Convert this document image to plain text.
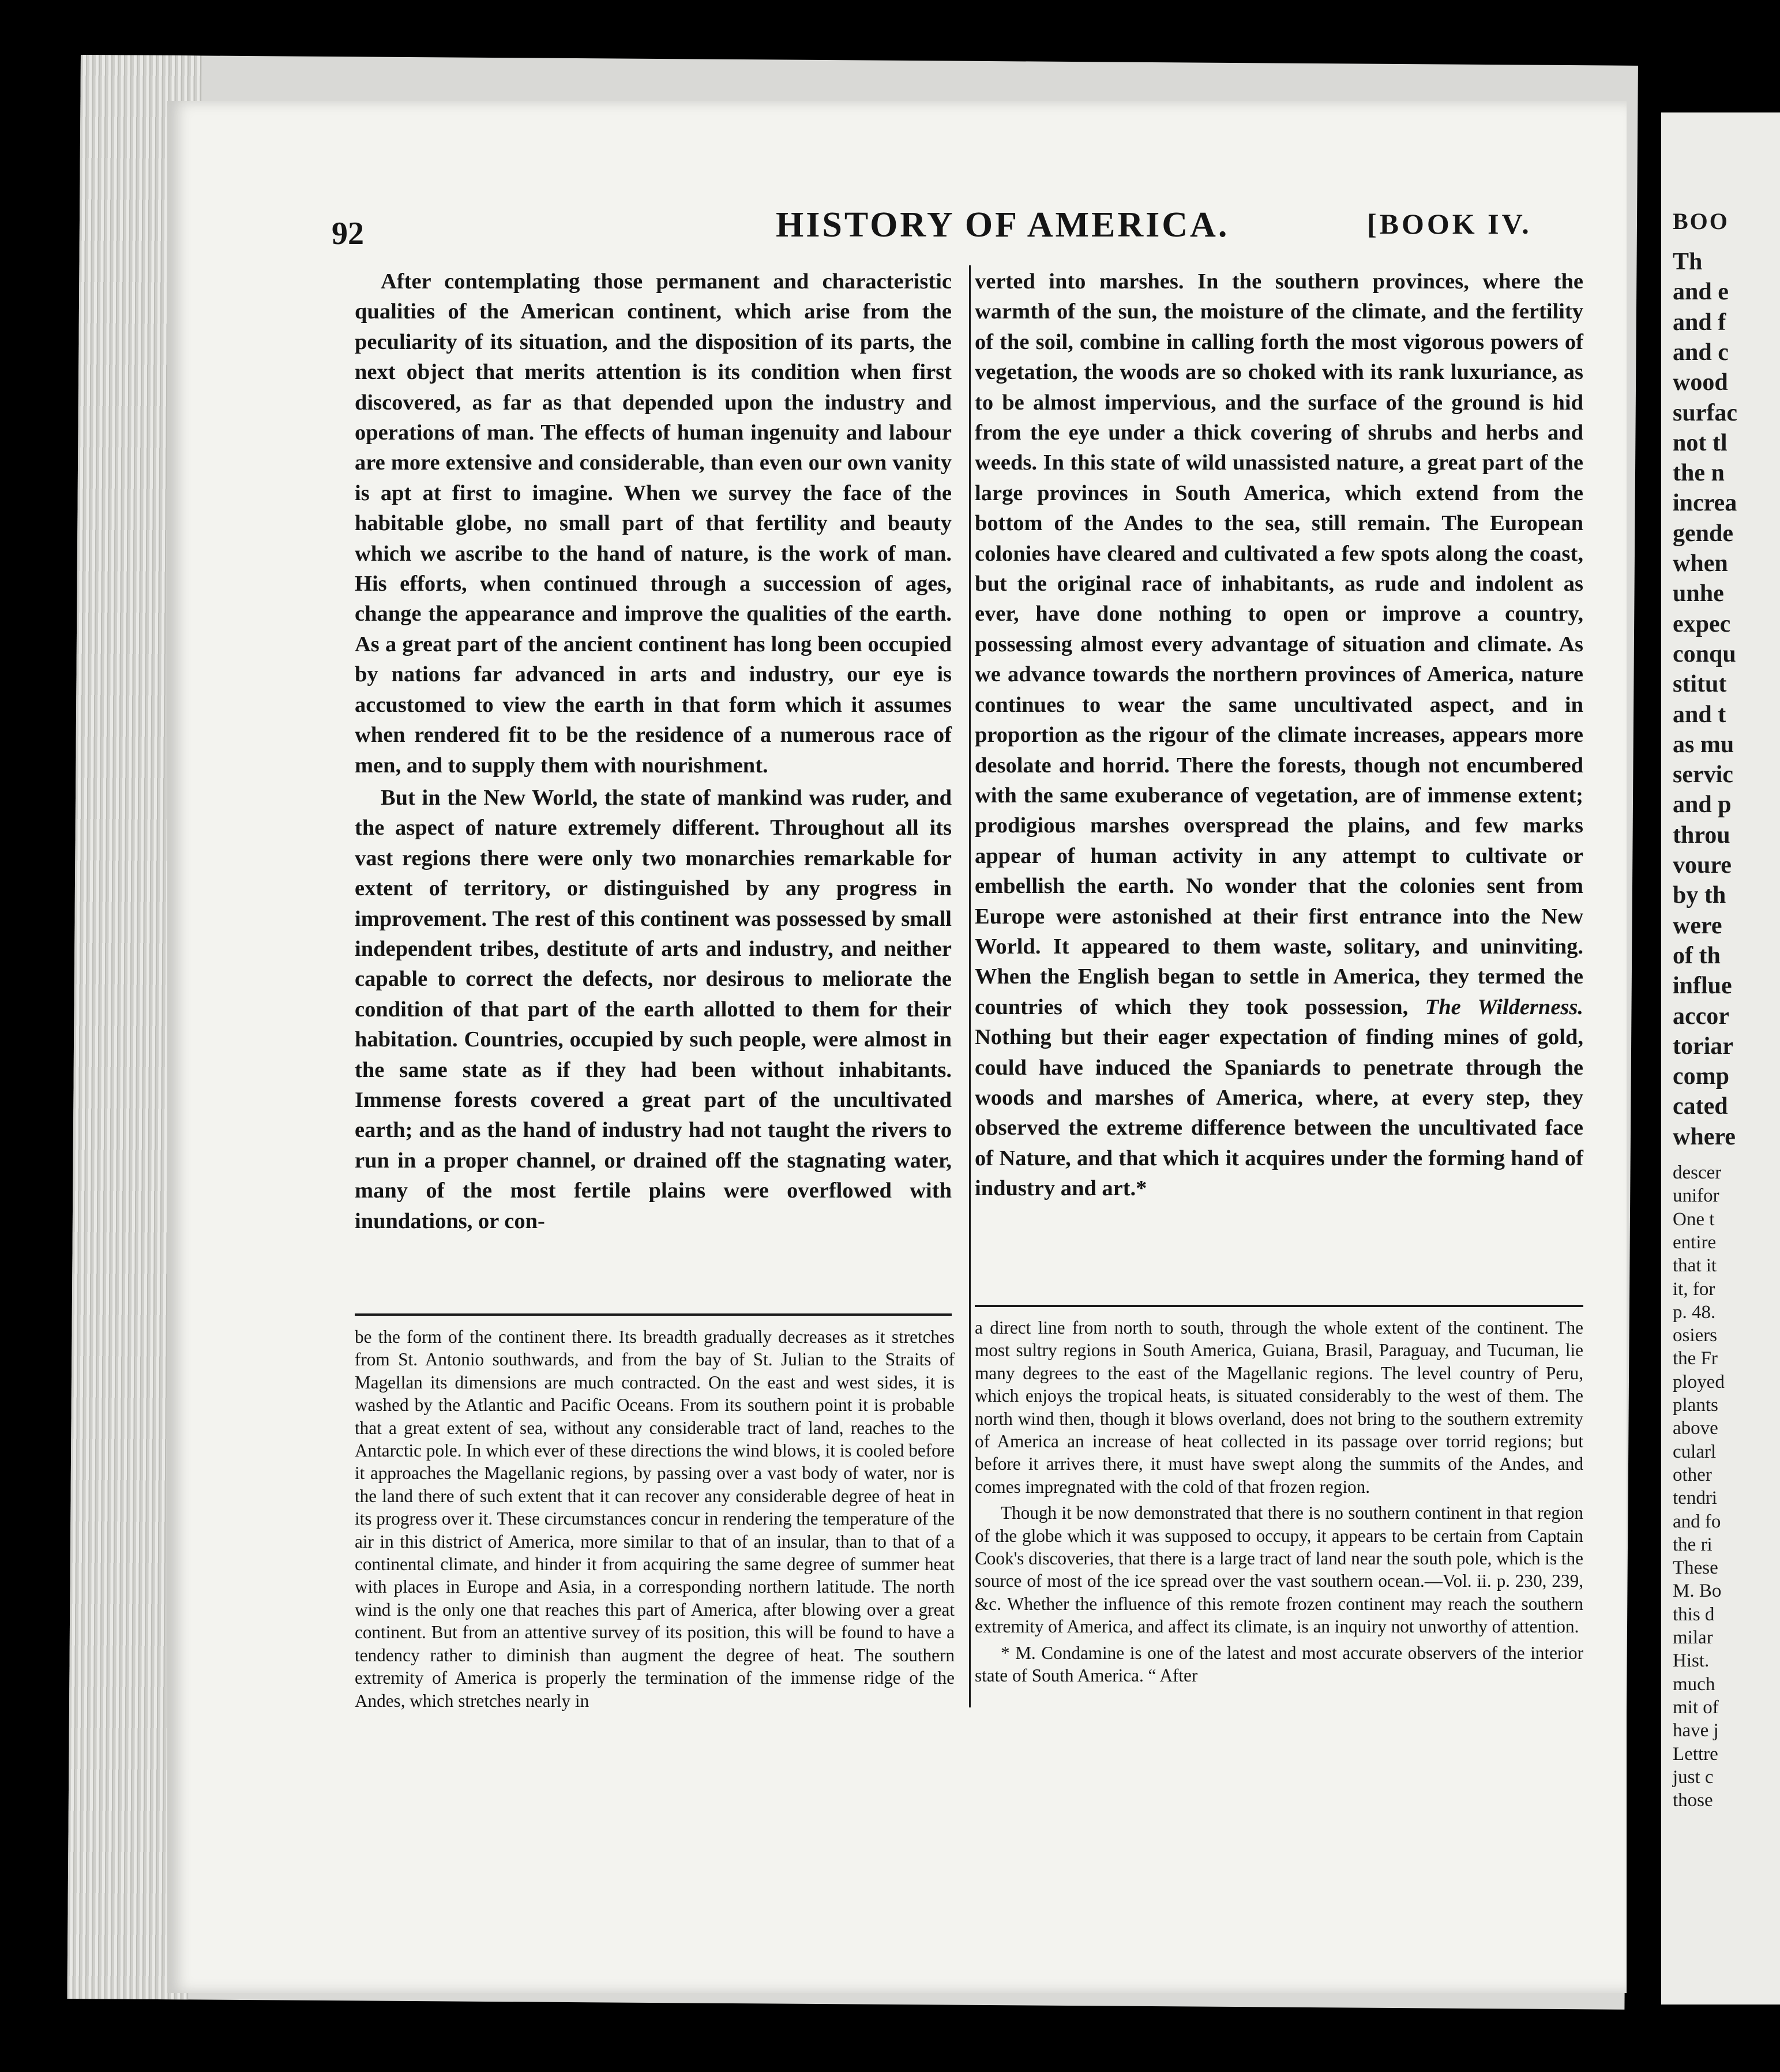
BOO
Th
and e
and f
and c
wood
surfac
not tl
the n
increa
gende
when
unhe
expec
conqu
stitut
and t
as mu
servic
and p
throu
voure
by th
were
of th
influe
accor
toriar
comp
cated
where
descer
unifor
One t
entire
that it
it, for
p. 48.
osiers
the Fr
ployed
plants
above
cularl
other
tendri
and fo
the ri
These
M. Bo
this d
milar
Hist.
much
mit of
have j
Lettre
just c
those
92	HISTORY OF AMERICA.	[BOOK IV.

After contemplating those permanent and characteristic qualities of the American continent, which arise from the peculiarity of its situation, and the disposition of its parts, the next object that merits attention is its condition when first discovered, as far as that depended upon the industry and operations of man. The effects of human ingenuity and labour are more extensive and considerable, than even our own vanity is apt at first to imagine. When we survey the face of the habitable globe, no small part of that fertility and beauty which we ascribe to the hand of nature, is the work of man. His efforts, when continued through a succession of ages, change the appearance and improve the qualities of the earth. As a great part of the ancient continent has long been occupied by nations far advanced in arts and industry, our eye is accustomed to view the earth in that form which it assumes when rendered fit to be the residence of a numerous race of men, and to supply them with nourishment.

But in the New World, the state of mankind was ruder, and the aspect of nature extremely different. Throughout all its vast regions there were only two monarchies remarkable for extent of territory, or distinguished by any progress in improvement. The rest of this continent was possessed by small independent tribes, destitute of arts and industry, and neither capable to correct the defects, nor desirous to meliorate the condition of that part of the earth allotted to them for their habitation. Countries, occupied by such people, were almost in the same state as if they had been without inhabitants. Immense forests covered a great part of the uncultivated earth; and as the hand of industry had not taught the rivers to run in a proper channel, or drained off the stagnating water, many of the most fertile plains were overflowed with inundations, or con-

verted into marshes. In the southern provinces, where the warmth of the sun, the moisture of the climate, and the fertility of the soil, combine in calling forth the most vigorous powers of vegetation, the woods are so choked with its rank luxuriance, as to be almost impervious, and the surface of the ground is hid from the eye under a thick covering of shrubs and herbs and weeds. In this state of wild unassisted nature, a great part of the large provinces in South America, which extend from the bottom of the Andes to the sea, still remain. The European colonies have cleared and cultivated a few spots along the coast, but the original race of inhabitants, as rude and indolent as ever, have done nothing to open or improve a country, possessing almost every advantage of situation and climate. As we advance towards the northern provinces of America, nature continues to wear the same uncultivated aspect, and in proportion as the rigour of the climate increases, appears more desolate and horrid. There the forests, though not encumbered with the same exuberance of vegetation, are of immense extent; prodigious marshes overspread the plains, and few marks appear of human activity in any attempt to cultivate or embellish the earth. No wonder that the colonies sent from Europe were astonished at their first entrance into the New World. It appeared to them waste, solitary, and uninviting. When the English began to settle in America, they termed the countries of which they took possession, The Wilderness. Nothing but their eager expectation of finding mines of gold, could have induced the Spaniards to penetrate through the woods and marshes of America, where, at every step, they observed the extreme difference between the uncultivated face of Nature, and that which it acquires under the forming hand of industry and art.*

be the form of the continent there. Its breadth gradually decreases as it stretches from St. Antonio southwards, and from the bay of St. Julian to the Straits of Magellan its dimensions are much contracted. On the east and west sides, it is washed by the Atlantic and Pacific Oceans. From its southern point it is probable that a great extent of sea, without any considerable tract of land, reaches to the Antarctic pole. In which ever of these directions the wind blows, it is cooled before it approaches the Magellanic regions, by passing over a vast body of water, nor is the land there of such extent that it can recover any considerable degree of heat in its progress over it. These circumstances concur in rendering the temperature of the air in this district of America, more similar to that of an insular, than to that of a continental climate, and hinder it from acquiring the same degree of summer heat with places in Europe and Asia, in a corresponding northern latitude. The north wind is the only one that reaches this part of America, after blowing over a great continent. But from an attentive survey of its position, this will be found to have a tendency rather to diminish than augment the degree of heat. The southern extremity of America is properly the termination of the immense ridge of the Andes, which stretches nearly in

a direct line from north to south, through the whole extent of the continent. The most sultry regions in South America, Guiana, Brasil, Paraguay, and Tucuman, lie many degrees to the east of the Magellanic regions. The level country of Peru, which enjoys the tropical heats, is situated considerably to the west of them. The north wind then, though it blows overland, does not bring to the southern extremity of America an increase of heat collected in its passage over torrid regions; but before it arrives there, it must have swept along the summits of the Andes, and comes impregnated with the cold of that frozen region.

Though it be now demonstrated that there is no southern continent in that region of the globe which it was supposed to occupy, it appears to be certain from Captain Cook's discoveries, that there is a large tract of land near the south pole, which is the source of most of the ice spread over the vast southern ocean.—Vol. ii. p. 230, 239, &c. Whether the influence of this remote frozen continent may reach the southern extremity of America, and affect its climate, is an inquiry not unworthy of attention.

* M. Condamine is one of the latest and most accurate observers of the interior state of South America. “ After
